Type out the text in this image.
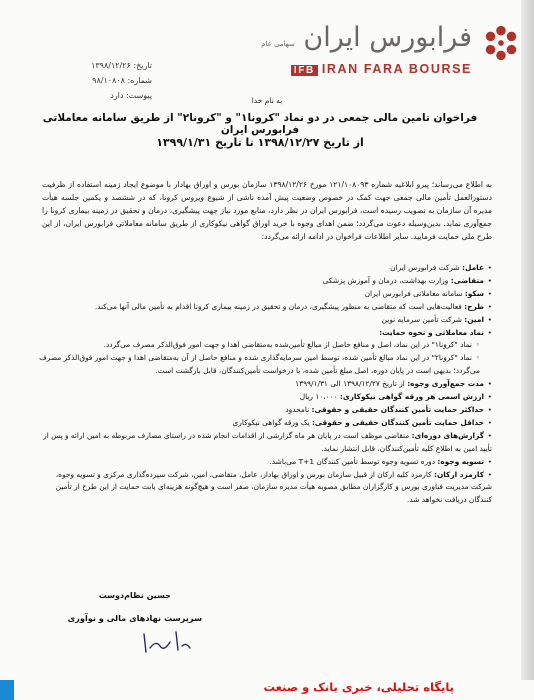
فرابورس ایران سهامی عام
IFB IRAN FARA BOURSE
تاریخ: ۱۳۹۸/۱۲/۲۶
شماره: ۹۸/۱۰۸۰۸
پیوست: دارد
به نام خدا
فراخوان تامین مالی جمعی در دو نماد "کرونا۱" و "کرونا۲" از طریق سامانه معاملاتی فرابورس ایران
از تاریخ ۱۳۹۸/۱۲/۲۷ تا تاریخ ۱۳۹۹/۱/۳۱
به اطلاع می‌رساند؛ پیرو ابلاغیه شماره ۱۲۱/۱۰۸۰۹۳ مورخ ۱۳۹۸/۱۲/۲۶ سازمان بورس و اوراق بهادار با موضوع ایجاد زمینه استفاده از ظرفیت دستورالعمل تأمین مالی جمعی جهت کمک در خصوص وضعیت پیش آمده ناشی از شیوع ویروس کرونا، که در ششصد و یکمین جلسه هیأت مدیره آن سازمان به تصویب رسیده است، فرابورس ایران در نظر دارد، منابع مورد نیاز جهت پیشگیری، درمان و تحقیق در زمینه بیماری کرونا را جمع‌آوری نماید. بدین‌وسیله دعوت می‌گردد؛ ضمن اهدای وجوه با خرید اوراق گواهی نیکوکاری از طریق سامانه معاملاتی فرابورس ایران، از این طرح ملی حمایت فرمایید. سایر اطلاعات فراخوان در ادامه ارائه می‌گردد:
•عامل: شرکت فرابورس ایران
•متقاضی: وزارت بهداشت، درمان و آموزش پزشکی
•سکو: سامانه معاملاتی فرابورس ایران
•طرح: فعالیت‌هایی است که متقاضی به منظور پیشگیری، درمان و تحقیق در زمینه بیماری کرونا اقدام به تأمین مالی آنها می‌کند.
•امین: شرکت تأمین سرمایه نوین
•نماد معاملاتی و نحوه حمایت:
◦نماد "کرونا۱" در این نماد، اصل و منافع حاصل از مبالغ تأمین‌شده به‌متقاضی اهدا و جهت امور فوق‌الذکر مصرف می‌گردد.
◦نماد "کرونا۲" در این نماد مبالغ تأمین شده، توسط امین سرمایه‌گذاری شده و منافع حاصل از آن به‌متقاضی اهدا و جهت امور فوق‌الذکر مصرف می‌گردد؛ بدیهی است در پایان دوره، اصل مبلغ تأمین شده، با درخواست تأمین‌کنندگان، قابل بازگشت است.
•مدت جمع‌آوری وجوه: از تاریخ ۱۳۹۸/۱۲/۲۷ الی ۱۳۹۹/۱/۳۱
•ارزش اسمی هر ورقه گواهی نیکوکاری: ۱۰،۰۰۰ ریال
•حداکثر حمایت تأمین کنندگان حقیقی و حقوقی: نامحدود
•حداقل حمایت تأمین کنندگان حقیقی و حقوقی: یک ورقه گواهی نیکوکاری
•گزارش‌های دوره‌ای: متقاضی موظف است در پایان هر ماه گزارشی از اقدامات انجام شده در راستای مصارف مربوطه به امین ارائه و پس از تأیید امین به اطلاع کلیه تأمین‌کنندگان، قابل انتشار نماید.
•تسویه وجوه: دوره تسویه وجوه توسط تأمین کنندگان T+1 می‌باشد.
•کارمزد ارکان: کارمزد کلیه ارکان از قبیل سازمان بورس و اوراق بهادار، عامل، متقاضی، امین، شرکت سپرده‌گذاری مرکزی و تسویه وجوه، شرکت مدیریت فناوری بورس و کارگزاران مطابق مصوبه هیأت مدیره سازمان، صفر است و هیچ‌گونه هزینه‌ای بابت حمایت از این طرح از تأمین کنندگان دریافت نخواهد شد.
حسین نظام‌دوست
سرپرست نهادهای مالی و نوآوری
پایگاه تحلیلی، خبری بانک و صنعت
